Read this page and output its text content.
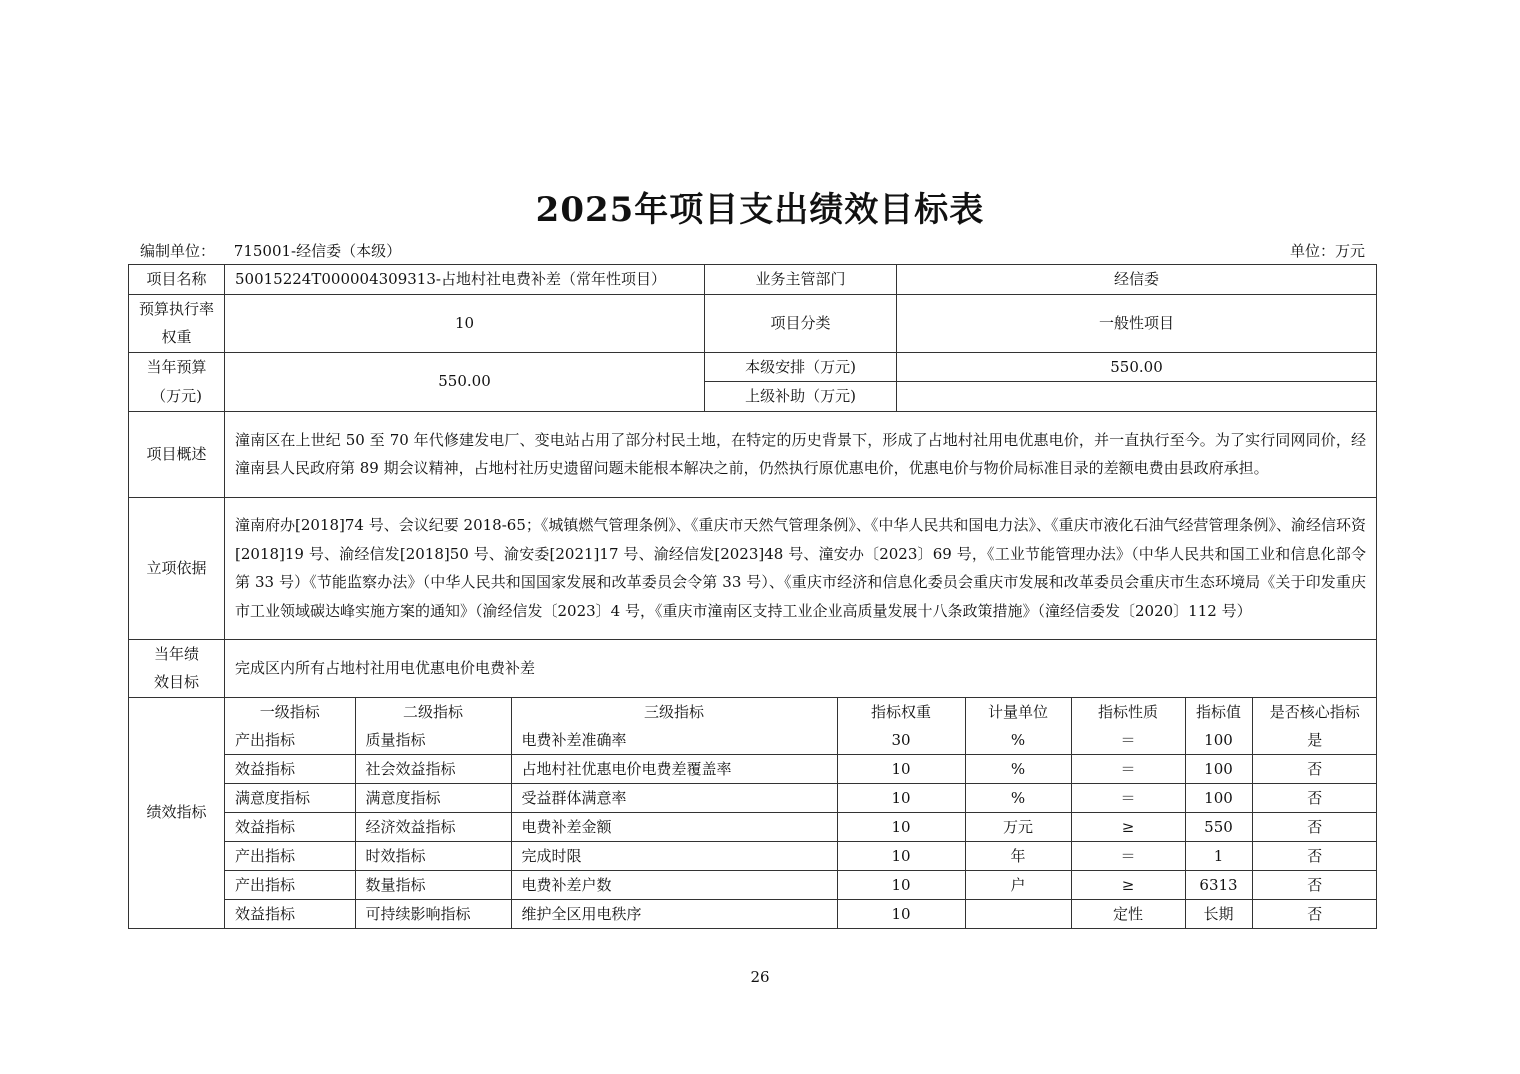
2025年项目支出绩效目标表
编制单位： 715001-经信委（本级）	单位：万元
项目名称	50015224T000004309313-占地村社电费补差（常年性项目）	业务主管部门	经信委
预算执行率权重	10	项目分类	一般性项目
当年预算（万元)	550.00	本级安排（万元)	550.00
上级补助（万元)	
项目概述	潼南区在上世纪 50 至 70 年代修建发电厂、变电站占用了部分村民土地，在特定的历史背景下，形成了占地村社用电优惠电价，并一直执行至今。为了实行同网同价，经潼南县人民政府第 89 期会议精神，占地村社历史遗留问题未能根本解决之前，仍然执行原优惠电价，优惠电价与物价局标准目录的差额电费由县政府承担。
立项依据	潼南府办[2018]74 号、会议纪要 2018-65；《城镇燃气管理条例》、《重庆市天然气管理条例》、《中华人民共和国电力法》、《重庆市液化石油气经营管理条例》、渝经信环资[2018]19 号、渝经信发[2018]50 号、渝安委[2021]17 号、渝经信发[2023]48 号、潼安办〔2023〕69 号，《工业节能管理办法》（中华人民共和国工业和信息化部令第 33 号）《节能监察办法》（中华人民共和国国家发展和改革委员会令第 33 号）、《重庆市经济和信息化委员会重庆市发展和改革委员会重庆市生态环境局《关于印发重庆市工业领域碳达峰实施方案的通知》（渝经信发〔2023〕4 号，《重庆市潼南区支持工业企业高质量发展十八条政策措施》（潼经信委发〔2020〕112 号）
当年绩效目标	完成区内所有占地村社用电优惠电价电费补差
绩效指标	
一级指标	二级指标	三级指标	指标权重	计量单位	指标性质	指标值	是否核心指标
产出指标	质量指标	电费补差准确率	30	%	＝	100	是
效益指标	社会效益指标	占地村社优惠电价电费差覆盖率	10	%	＝	100	否
满意度指标	满意度指标	受益群体满意率	10	%	＝	100	否
效益指标	经济效益指标	电费补差金额	10	万元	≥	550	否
产出指标	时效指标	完成时限	10	年	＝	1	否
产出指标	数量指标	电费补差户数	10	户	≥	6313	否
效益指标	可持续影响指标	维护全区用电秩序	10		定性	长期	否
26
